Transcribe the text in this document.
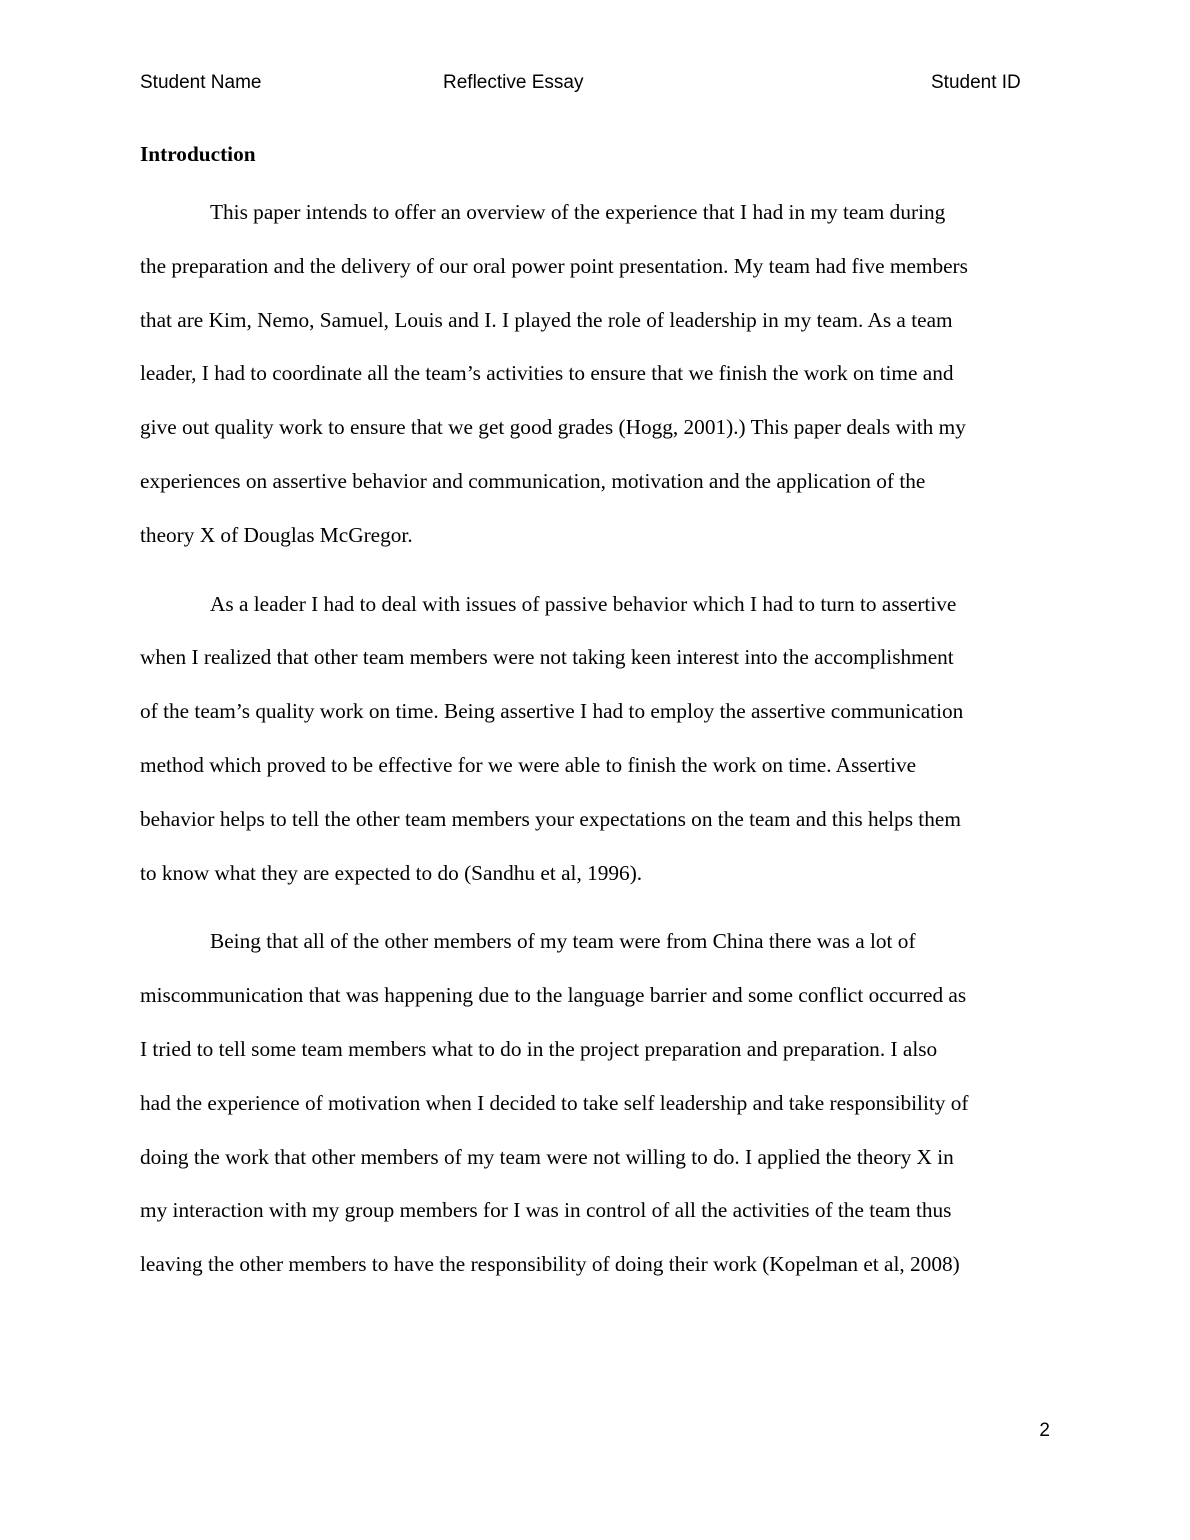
Student Name	Reflective Essay	Student ID
Introduction

This paper intends to offer an overview of the experience that I had in my team during
the preparation and the delivery of our oral power point presentation. My team had five members
that are Kim, Nemo, Samuel, Louis and I. I played the role of leadership in my team. As a team
leader, I had to coordinate all the team’s activities to ensure that we finish the work on time and
give out quality work to ensure that we get good grades (Hogg, 2001).) This paper deals with my
experiences on assertive behavior and communication, motivation and the application of the
theory X of Douglas McGregor.

As a leader I had to deal with issues of passive behavior which I had to turn to assertive
when I realized that other team members were not taking keen interest into the accomplishment
of the team’s quality work on time. Being assertive I had to employ the assertive communication
method which proved to be effective for we were able to finish the work on time. Assertive
behavior helps to tell the other team members your expectations on the team and this helps them
to know what they are expected to do (Sandhu et al, 1996).

Being that all of the other members of my team were from China there was a lot of
miscommunication that was happening due to the language barrier and some conflict occurred as
I tried to tell some team members what to do in the project preparation and preparation. I also
had the experience of motivation when I decided to take self leadership and take responsibility of
doing the work that other members of my team were not willing to do. I applied the theory X in
my interaction with my group members for I was in control of all the activities of the team thus
leaving the other members to have the responsibility of doing their work (Kopelman et al, 2008)

2
